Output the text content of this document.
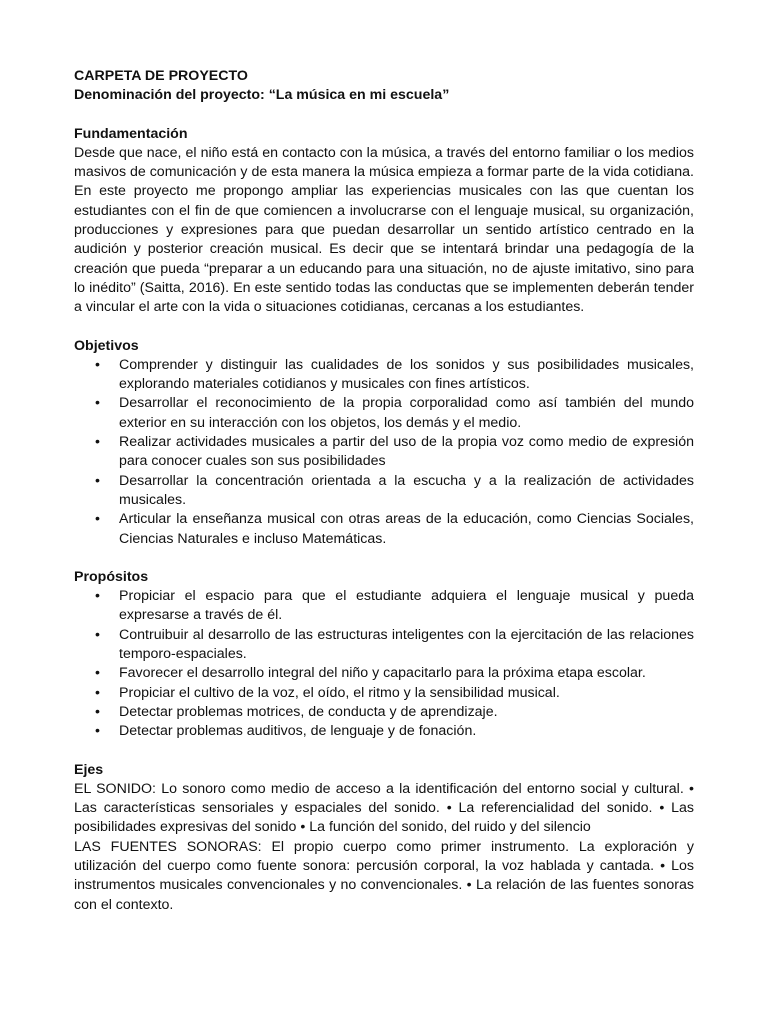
CARPETA DE PROYECTO
Denominación del proyecto: “La música en mi escuela”
Fundamentación
Desde que nace, el niño está en contacto con la música, a través del entorno familiar o los medios masivos de comunicación y de esta manera la música empieza a formar parte de la vida cotidiana. En este proyecto me propongo ampliar las experiencias musicales con las que cuentan los estudiantes con el fin de que comiencen a involucrarse con el lenguaje musical, su organización, producciones y expresiones para que puedan desarrollar un sentido artístico centrado en la audición y posterior creación musical. Es decir que se intentará brindar una pedagogía de la creación que pueda “preparar a un educando para una situación, no de ajuste imitativo, sino para lo inédito” (Saitta, 2016). En este sentido todas las conductas que se implementen deberán tender a vincular el arte con la vida o situaciones cotidianas, cercanas a los estudiantes.
Objetivos
• Comprender y distinguir las cualidades de los sonidos y sus posibilidades musicales, explorando materiales cotidianos y musicales con fines artísticos.
• Desarrollar el reconocimiento de la propia corporalidad como así también del mundo exterior en su interacción con los objetos, los demás y el medio.
• Realizar actividades musicales a partir del uso de la propia voz como medio de expresión para conocer cuales son sus posibilidades
• Desarrollar la concentración orientada a la escucha y a la realización de actividades musicales.
• Articular la enseñanza musical con otras areas de la educación, como Ciencias Sociales, Ciencias Naturales e incluso Matemáticas.
Propósitos
• Propiciar el espacio para que el estudiante adquiera el lenguaje musical y pueda expresarse a través de él.
• Contruibuir al desarrollo de las estructuras inteligentes con la ejercitación de las relaciones temporo-espaciales.
• Favorecer el desarrollo integral del niño y capacitarlo para la próxima etapa escolar.
• Propiciar el cultivo de la voz, el oído, el ritmo y la sensibilidad musical.
• Detectar problemas motrices, de conducta y de aprendizaje.
• Detectar problemas auditivos, de lenguaje y de fonación.
Ejes
EL SONIDO: Lo sonoro como medio de acceso a la identificación del entorno social y cultural. • Las características sensoriales y espaciales del sonido. • La referencialidad del sonido. • Las posibilidades expresivas del sonido • La función del sonido, del ruido y del silencio
LAS FUENTES SONORAS: El propio cuerpo como primer instrumento. La exploración y utilización del cuerpo como fuente sonora: percusión corporal, la voz hablada y cantada. • Los instrumentos musicales convencionales y no convencionales. • La relación de las fuentes sonoras con el contexto.
